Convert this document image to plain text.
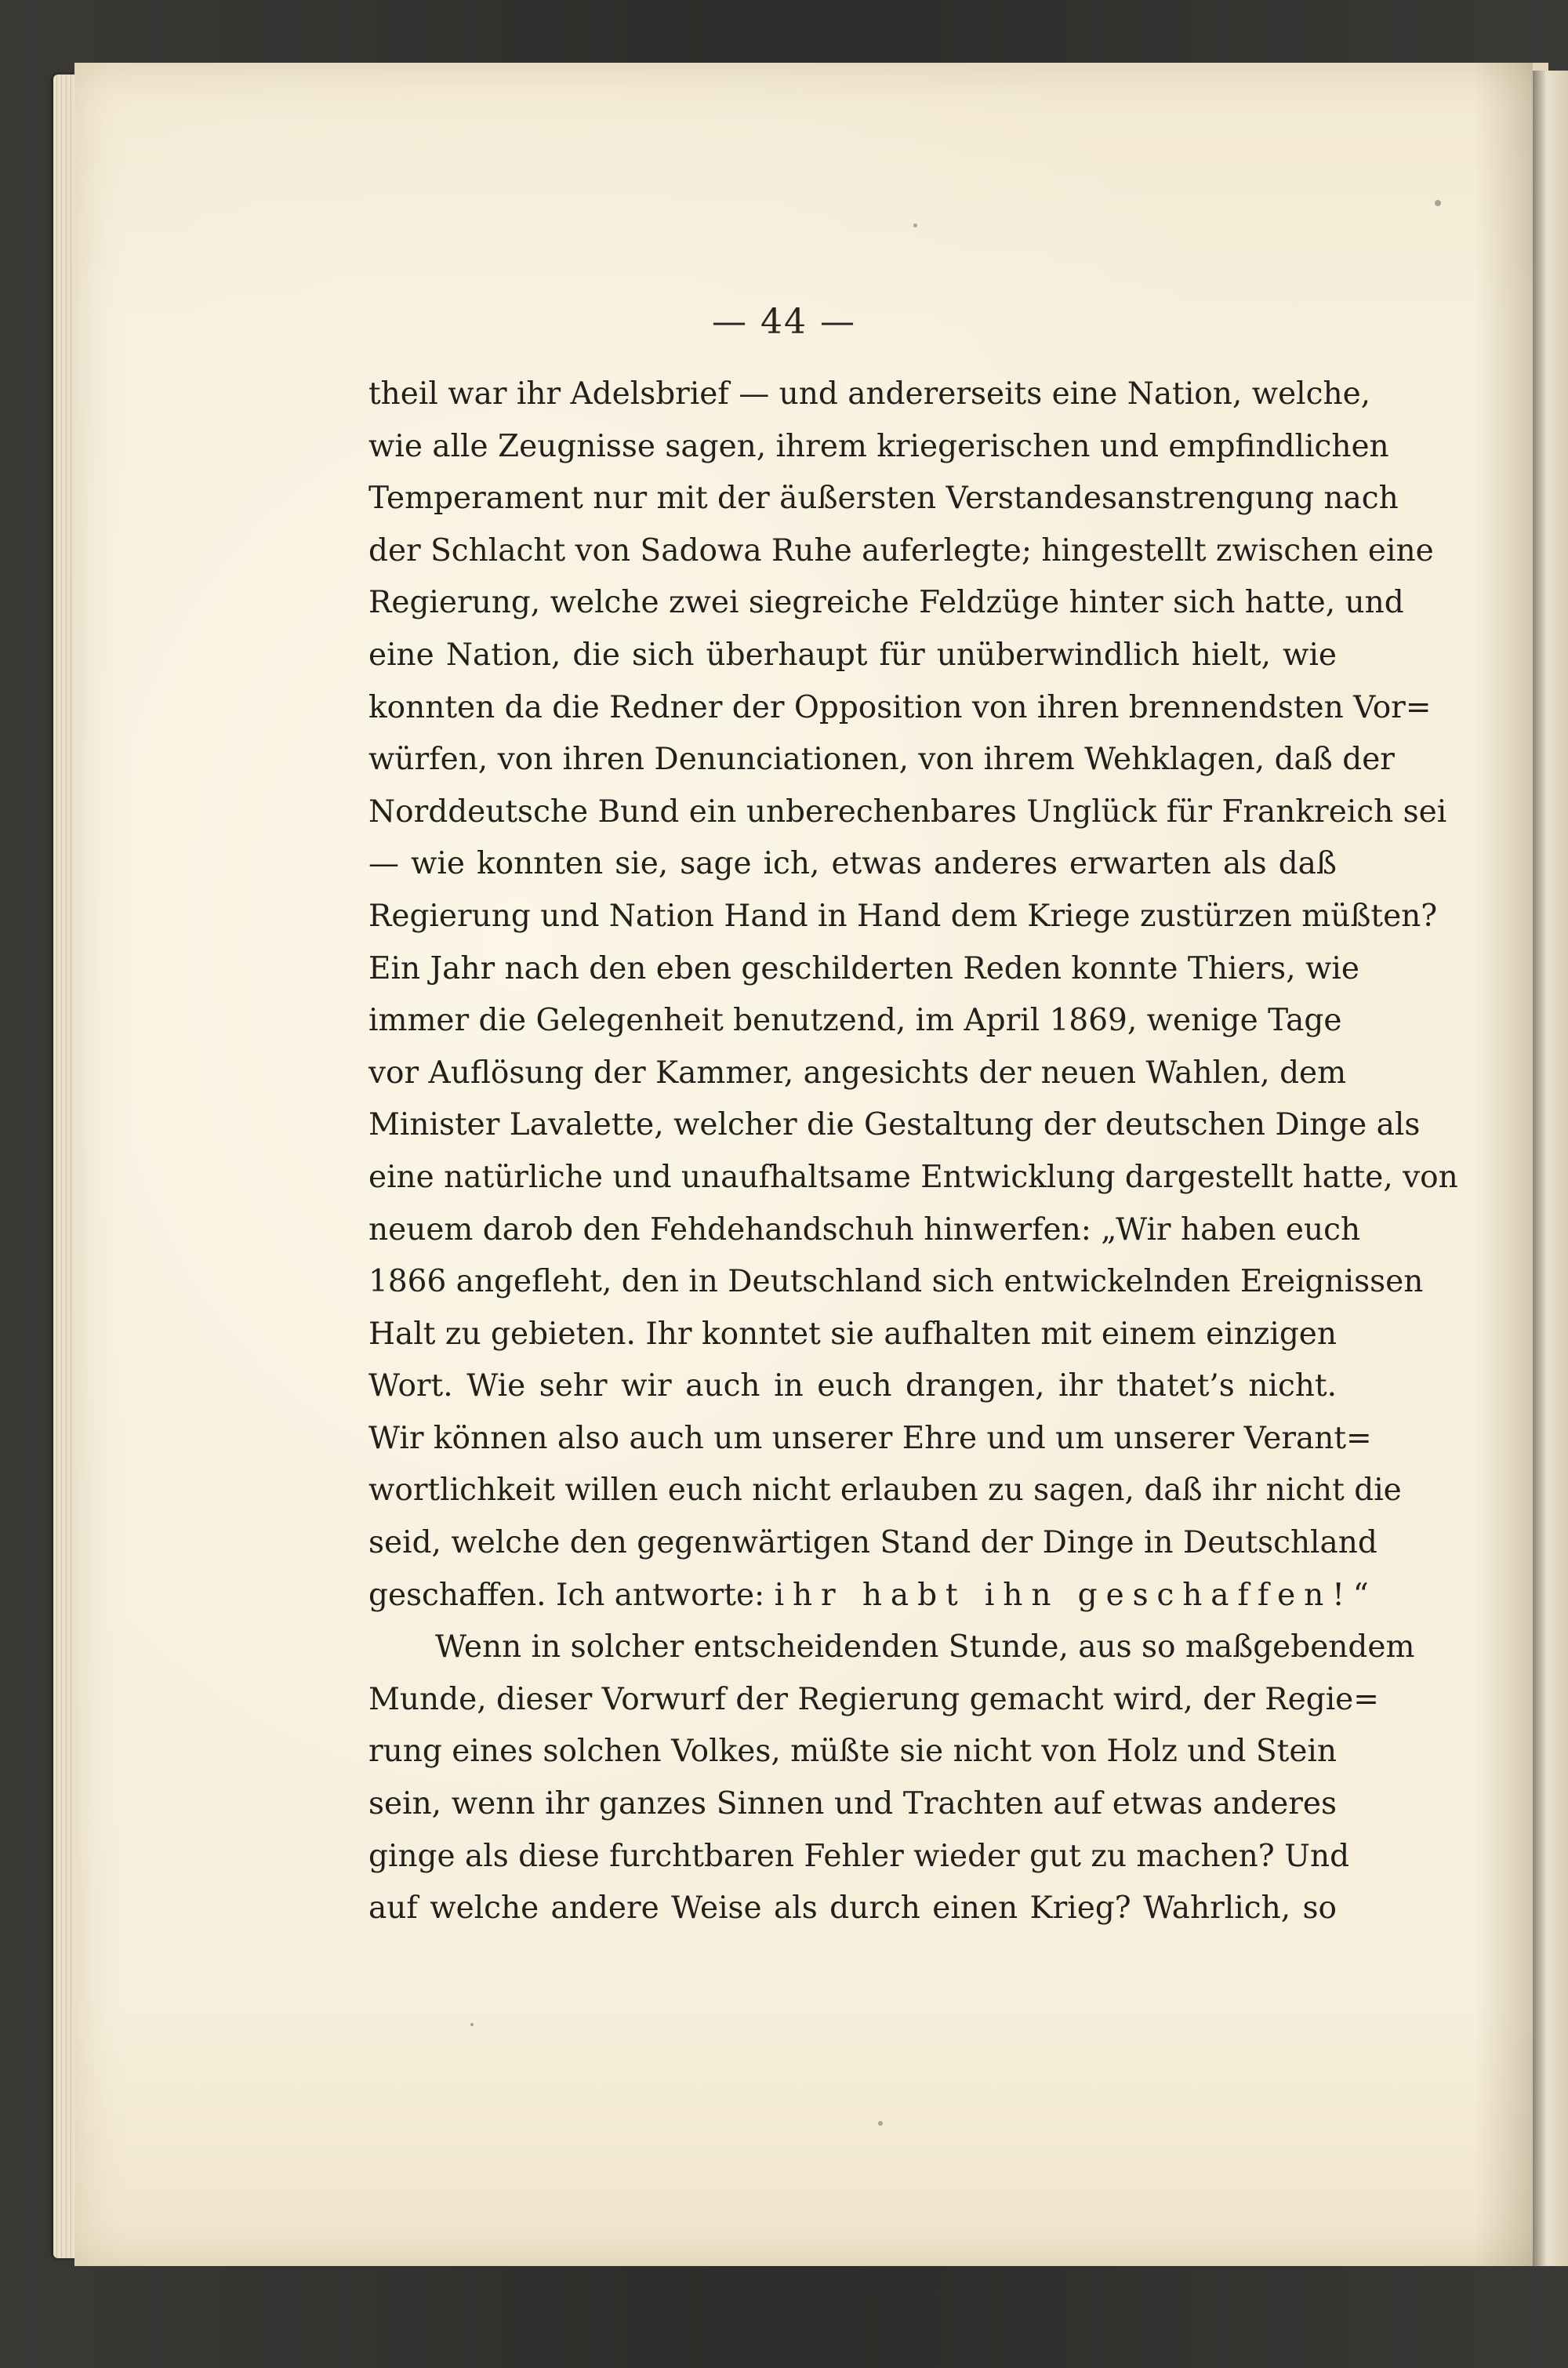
— 44 —
theil war ihr Adelsbrief — und andererseits eine Nation, welche,
wie alle Zeugnisse sagen, ihrem kriegerischen und empfindlichen
Temperament nur mit der äußersten Verstandesanstrengung nach
der Schlacht von Sadowa Ruhe auferlegte; hingestellt zwischen eine
Regierung, welche zwei siegreiche Feldzüge hinter sich hatte, und
eine Nation, die sich überhaupt für unüberwindlich hielt, wie
konnten da die Redner der Opposition von ihren brennendsten Vor=
würfen, von ihren Denunciationen, von ihrem Wehklagen, daß der
Norddeutsche Bund ein unberechenbares Unglück für Frankreich sei
— wie konnten sie, sage ich, etwas anderes erwarten als daß
Regierung und Nation Hand in Hand dem Kriege zustürzen müßten?
Ein Jahr nach den eben geschilderten Reden konnte Thiers, wie
immer die Gelegenheit benutzend, im April 1869, wenige Tage
vor Auflösung der Kammer, angesichts der neuen Wahlen, dem
Minister Lavalette, welcher die Gestaltung der deutschen Dinge als
eine natürliche und unaufhaltsame Entwicklung dargestellt hatte, von
neuem darob den Fehdehandschuh hinwerfen: „Wir haben euch
1866 angefleht, den in Deutschland sich entwickelnden Ereignissen
Halt zu gebieten. Ihr konntet sie aufhalten mit einem einzigen
Wort. Wie sehr wir auch in euch drangen, ihr thatet’s nicht.
Wir können also auch um unserer Ehre und um unserer Verant=
wortlichkeit willen euch nicht erlauben zu sagen, daß ihr nicht die
seid, welche den gegenwärtigen Stand der Dinge in Deutschland
geschaffen. Ich antworte: ihr habt ihn geschaffen!“
Wenn in solcher entscheidenden Stunde, aus so maßgebendem
Munde, dieser Vorwurf der Regierung gemacht wird, der Regie=
rung eines solchen Volkes, müßte sie nicht von Holz und Stein
sein, wenn ihr ganzes Sinnen und Trachten auf etwas anderes
ginge als diese furchtbaren Fehler wieder gut zu machen? Und
auf welche andere Weise als durch einen Krieg? Wahrlich, so
